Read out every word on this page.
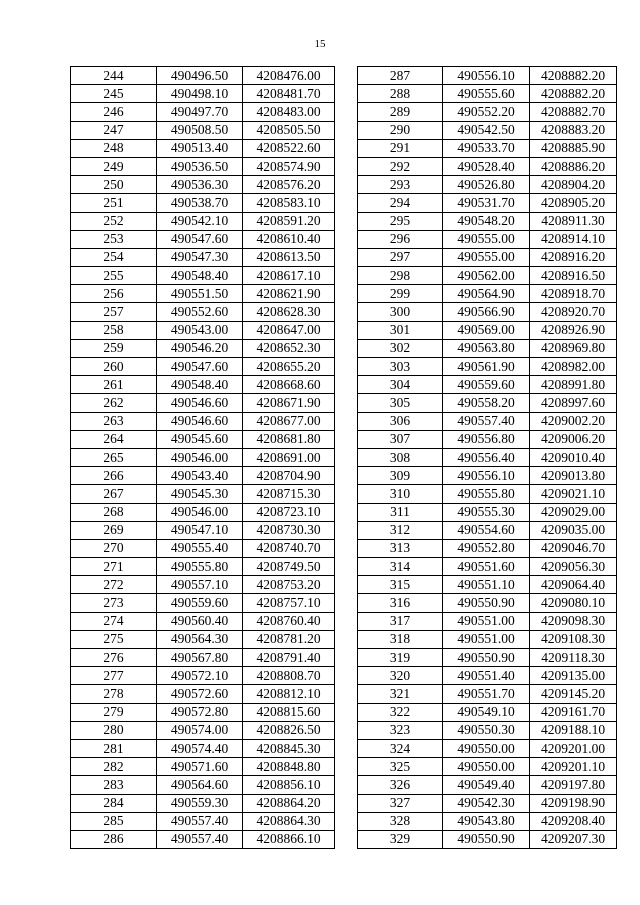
15
244	490496.50	4208476.00
245	490498.10	4208481.70
246	490497.70	4208483.00
247	490508.50	4208505.50
248	490513.40	4208522.60
249	490536.50	4208574.90
250	490536.30	4208576.20
251	490538.70	4208583.10
252	490542.10	4208591.20
253	490547.60	4208610.40
254	490547.30	4208613.50
255	490548.40	4208617.10
256	490551.50	4208621.90
257	490552.60	4208628.30
258	490543.00	4208647.00
259	490546.20	4208652.30
260	490547.60	4208655.20
261	490548.40	4208668.60
262	490546.60	4208671.90
263	490546.60	4208677.00
264	490545.60	4208681.80
265	490546.00	4208691.00
266	490543.40	4208704.90
267	490545.30	4208715.30
268	490546.00	4208723.10
269	490547.10	4208730.30
270	490555.40	4208740.70
271	490555.80	4208749.50
272	490557.10	4208753.20
273	490559.60	4208757.10
274	490560.40	4208760.40
275	490564.30	4208781.20
276	490567.80	4208791.40
277	490572.10	4208808.70
278	490572.60	4208812.10
279	490572.80	4208815.60
280	490574.00	4208826.50
281	490574.40	4208845.30
282	490571.60	4208848.80
283	490564.60	4208856.10
284	490559.30	4208864.20
285	490557.40	4208864.30
286	490557.40	4208866.10
287	490556.10	4208882.20
288	490555.60	4208882.20
289	490552.20	4208882.70
290	490542.50	4208883.20
291	490533.70	4208885.90
292	490528.40	4208886.20
293	490526.80	4208904.20
294	490531.70	4208905.20
295	490548.20	4208911.30
296	490555.00	4208914.10
297	490555.00	4208916.20
298	490562.00	4208916.50
299	490564.90	4208918.70
300	490566.90	4208920.70
301	490569.00	4208926.90
302	490563.80	4208969.80
303	490561.90	4208982.00
304	490559.60	4208991.80
305	490558.20	4208997.60
306	490557.40	4209002.20
307	490556.80	4209006.20
308	490556.40	4209010.40
309	490556.10	4209013.80
310	490555.80	4209021.10
311	490555.30	4209029.00
312	490554.60	4209035.00
313	490552.80	4209046.70
314	490551.60	4209056.30
315	490551.10	4209064.40
316	490550.90	4209080.10
317	490551.00	4209098.30
318	490551.00	4209108.30
319	490550.90	4209118.30
320	490551.40	4209135.00
321	490551.70	4209145.20
322	490549.10	4209161.70
323	490550.30	4209188.10
324	490550.00	4209201.00
325	490550.00	4209201.10
326	490549.40	4209197.80
327	490542.30	4209198.90
328	490543.80	4209208.40
329	490550.90	4209207.30
